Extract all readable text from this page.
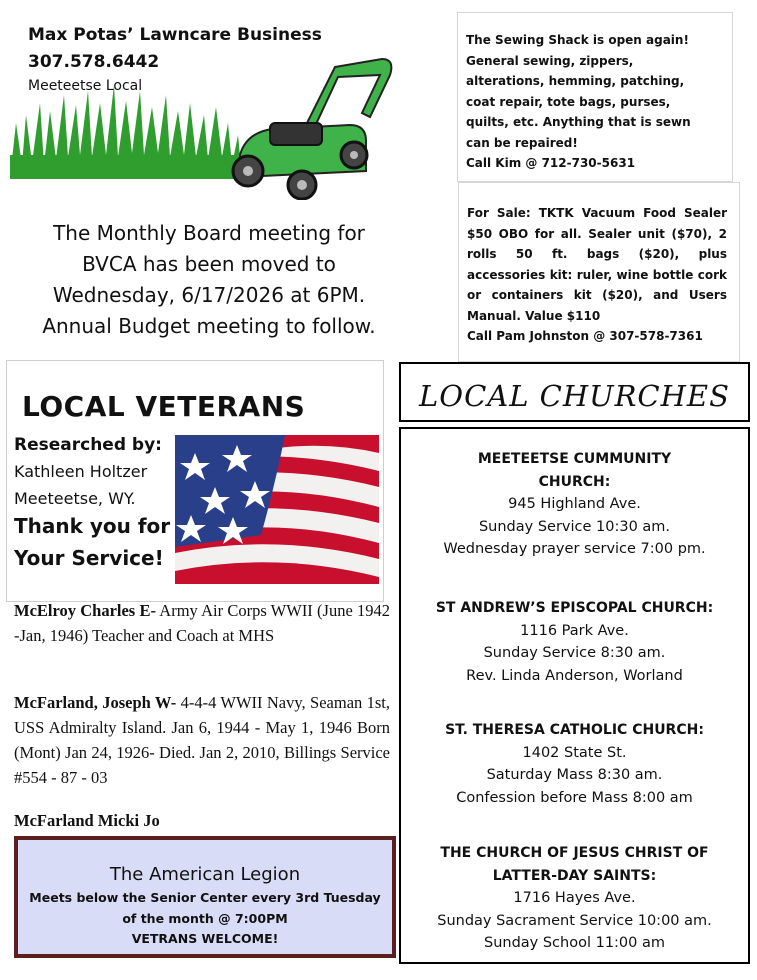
Max Potas’ Lawncare Business
307.578.6442
Meeteetse Local
The Monthly Board meeting for
BVCA has been moved to
Wednesday, 6/17/2026 at 6PM.
Annual Budget meeting to follow.
The Sewing Shack is open again!
General sewing, zippers,
alterations, hemming, patching,
coat repair, tote bags, purses,
quilts, etc. Anything that is sewn
can be repaired!
Call Kim @ 712-730-5631

For Sale: TKTK Vacuum Food Sealer $50 OBO for all. Sealer unit ($70), 2 rolls 50 ft. bags ($20), plus accessories kit: ruler, wine bottle cork or containers kit ($20), and Users Manual. Value $110

Call Pam Johnston @ 307-578-7361

LOCAL VETERANS
Researched by:
Kathleen Holtzer
Meeteetse, WY.
Thank you for
Your Service!
McElroy Charles E- Army Air Corps WWII (June 1942 -Jan, 1946) Teacher and Coach at MHS
McFarland, Joseph W- 4-4-4 WWII Navy, Seaman 1st, USS Admiralty Island. Jan 6, 1944 - May 1, 1946 Born (Mont) Jan 24, 1926- Died. Jan 2, 2010, Billings Service #554 - 87 - 03
McFarland Micki Jo
The American Legion
Meets below the Senior Center every 3rd Tuesday
of the month @ 7:00PM
VETRANS WELCOME!
LOCAL CHURCHES
MEETEETSE CUMMUNITY
CHURCH:
945 Highland Ave.
Sunday Service 10:30 am.
Wednesday prayer service 7:00 pm.
ST ANDREW’S EPISCOPAL CHURCH:
1116 Park Ave.
Sunday Service 8:30 am.
Rev. Linda Anderson, Worland
ST. THERESA CATHOLIC CHURCH:
1402 State St.
Saturday Mass 8:30 am.
Confession before Mass 8:00 am
THE CHURCH OF JESUS CHRIST OF
LATTER-DAY SAINTS:
1716 Hayes Ave.
Sunday Sacrament Service 10:00 am.
Sunday School 11:00 am
